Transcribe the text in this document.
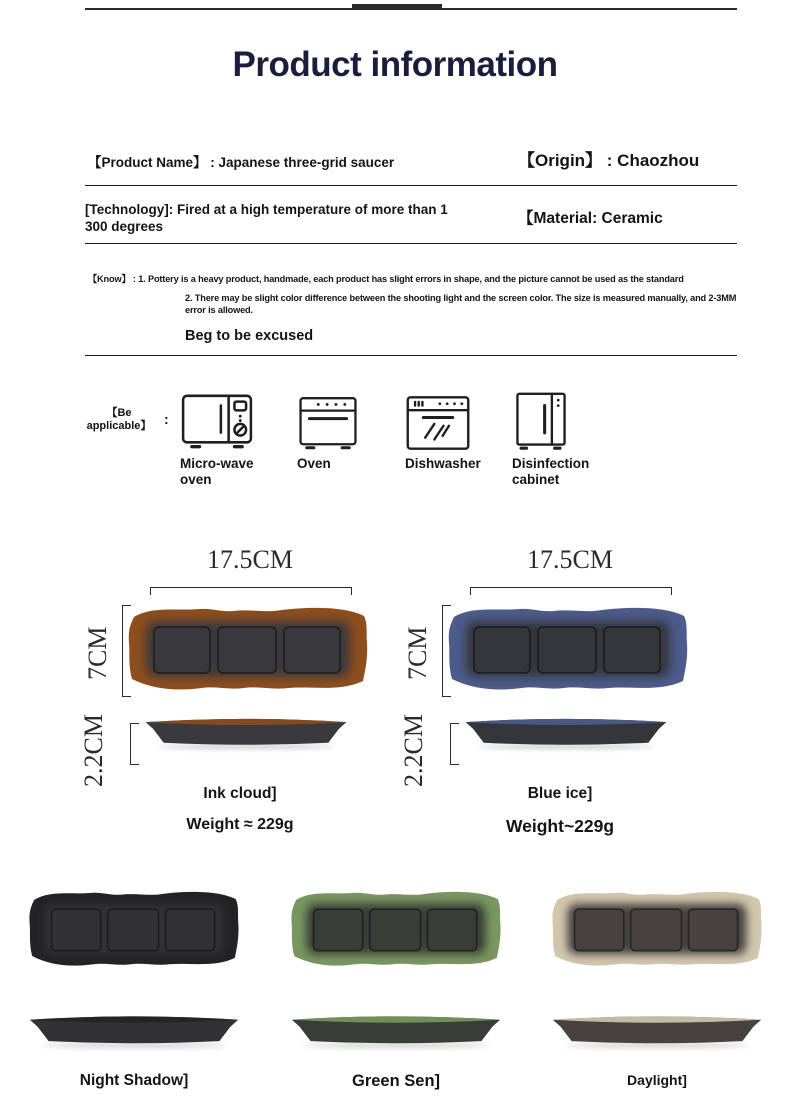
Product information
【Product Name】 : Japanese three-grid saucer	【Origin】 : Chaozhou
[Technology]: Fired at a high temperature of more than 1
300 degrees	【Material: Ceramic
【Know】 : 1. Pottery is a heavy product, handmade, each product has slight errors in shape, and the picture cannot be used as the standard
2. There may be slight color difference between the shooting light and the screen color. The size is measured manually, and 2-3MM error is allowed.
Beg to be excused
【Be applicable】 :
Micro-wave oven
Oven	Dishwasher Disinfection cabinet
17.5CM
7CM
2.2CM
Ink cloud]
Weight ≈ 229g
17.5CM
7CM
2.2CM
Blue ice]
Weight~229g
Night Shadow]	Green Sen]	Daylight]
